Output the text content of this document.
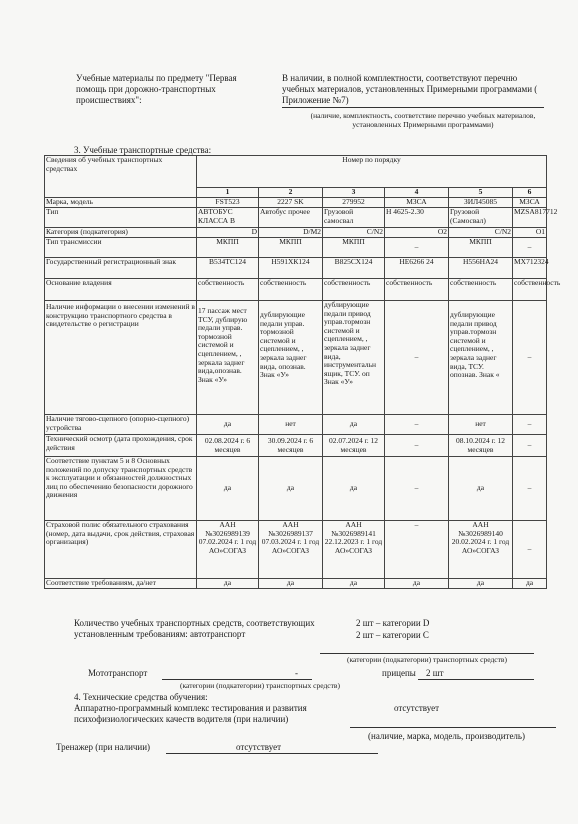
Учебные материалы по предмету "Первая помощь при дорожно-транспортных происшествиях":
В наличии, в полной комплектности, соответствуют перечню учебных материалов, установленных Примерными программами ( Приложение №7)
(наличие, комплектность, соответствие перечню учебных материалов, установленных Примерными программами)
3. Учебные транспортные средства:
Сведения об учебных транспортных средствах	Номер по порядку					
	1	2	3	4	5	6
Марка, модель	FST523	2227 SK	279952	МЗСА	ЗИЛ45085	МЗСА
Тип	АВТОБУС КЛАССА В	Автобус прочее	Грузовой самосвал	Н 4625-2.30	Грузовой (Самосвал)	MZSA817712
Категория (подкатегория)	D	D/M2	C/N2	O2	C/N2	O1
Тип трансмиссии	МКПП	МКПП	МКПП	–	МКПП	–
Государственный регистрационный знак	В534ТС124	Н591ХК124	В825СХ124	НЕ6266 24	Н556НА24	МХ712324
Основание владения	собственность	собственность	собственность	собственность	собственность	собственность
Наличие информации о внесении изменений в конструкцию транспортного средства в свидетельстве о регистрации	17 пассаж мест ТСУ, дублирую педали управ. тормозной системой и сцеплением, , зеркала заднег вида,опознав. Знак «У»	дублирующие педали управ. тормозной системой и сцеплением, , зеркала заднег вида, опознав. Знак «У»	дублирующие педали привод управ.тормозн системой и сцеплением, , зеркала заднег вида, инструментальн ящик, ТСУ. оп Знак «У»	–	дублирующие педали привод управ.тормозн системой и сцеплением, , зеркала заднег вида, ТСУ. опознав. Знак «	–
Наличие тягово-сцепного (опорно-сцепного) устройства	да	нет	да	–	нет	–
Технический осмотр (дата прохождения, срок действия	02.08.2024 г. 6 месяцев	30.09.2024 г. 6 месяцев	02.07.2024 г. 12 месяцев	–	08.10.2024 г. 12 месяцев	–
Соответствие пунктам 5 и 8 Основных положений по допуску транспортных средств к эксплуатации и обязанностей должностных лиц по обеспечению безопасности дорожного движения	да	да	да	–	да	–
Страховой полис обязательного страхования (номер, дата выдачи, срок действия, страховая организация)	ААН №3026989139 07.02.2024 г. 1 год АО»СОГАЗ	ААН №3026989137 07.03.2024 г. 1 год АО»СОГАЗ	ААН №3026989141 22.12.2023 г. 1 год АО»СОГАЗ	–	ААН №3026989140 20.02.2024 г. 1 год АО»СОГАЗ	–
Соответствие требованиям, да/нет	да	да	да	да	да	да
Количество учебных транспортных средств, соответствующих установленным требованиям: автотранспорт
2 шт – категории D
2 шт – категории С
(категории (подкатегории) транспортных средств)
Мототранспорт	-	прицепы 2 шт
(категории (подкатегории) транспортных средств)
4. Технические средства обучения:
Аппаратно-программный комплекс тестирования и развития психофизиологических качеств водителя (при наличии)
отсутствует
(наличие, марка, модель, производитель)
Тренажер (при наличии)	отсутствует
